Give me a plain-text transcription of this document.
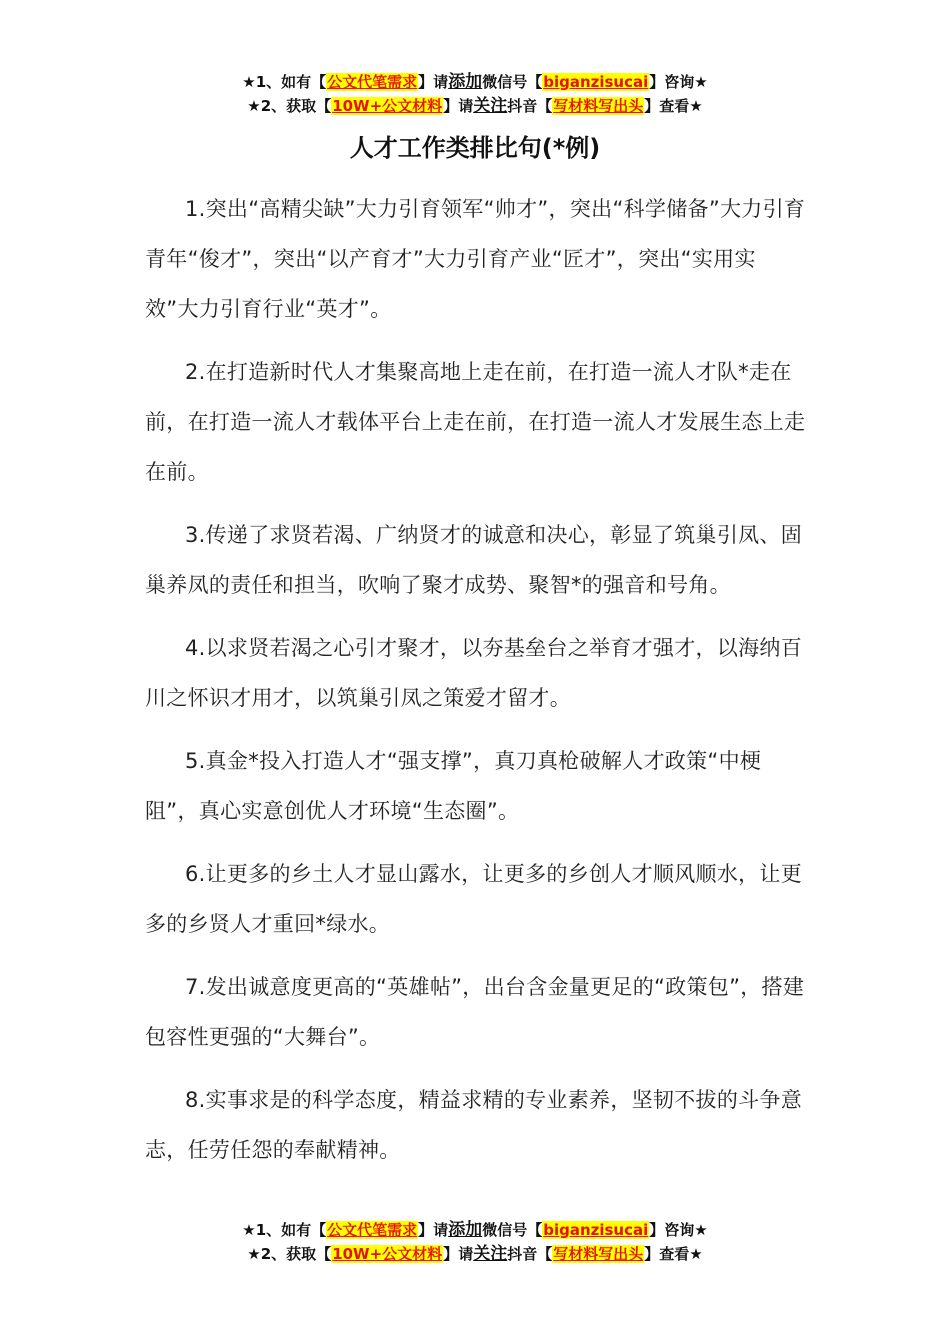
★1、如有【公文代笔需求】请添加微信号【biganzisucai】咨询★
★2、获取【10W+公文材料】请关注抖音【写材料写出头】查看★
人才工作类排比句(*例)

1.突出“高精尖缺”大力引育领军“帅才”，突出“科学储备”大力引育青年“俊才”，突出“以产育才”大力引育产业“匠才”，突出“实用实效”大力引育行业“英才”。

2.在打造新时代人才集聚高地上走在前，在打造一流人才队*走在前，在打造一流人才载体平台上走在前，在打造一流人才发展生态上走在前。

3.传递了求贤若渴、广纳贤才的诚意和决心，彰显了筑巢引凤、固巢养凤的责任和担当，吹响了聚才成势、聚智*的强音和号角。

4.以求贤若渴之心引才聚才，以夯基垒台之举育才强才，以海纳百川之怀识才用才，以筑巢引凤之策爱才留才。

5.真金*投入打造人才“强支撑”，真刀真枪破解人才政策“中梗阻”，真心实意创优人才环境“生态圈”。

6.让更多的乡土人才显山露水，让更多的乡创人才顺风顺水，让更多的乡贤人才重回*绿水。

7.发出诚意度更高的“英雄帖”，出台含金量更足的“政策包”，搭建包容性更强的“大舞台”。

8.实事求是的科学态度，精益求精的专业素养，坚韧不拔的斗争意志，任劳任怨的奉献精神。

★1、如有【公文代笔需求】请添加微信号【biganzisucai】咨询★
★2、获取【10W+公文材料】请关注抖音【写材料写出头】查看★
